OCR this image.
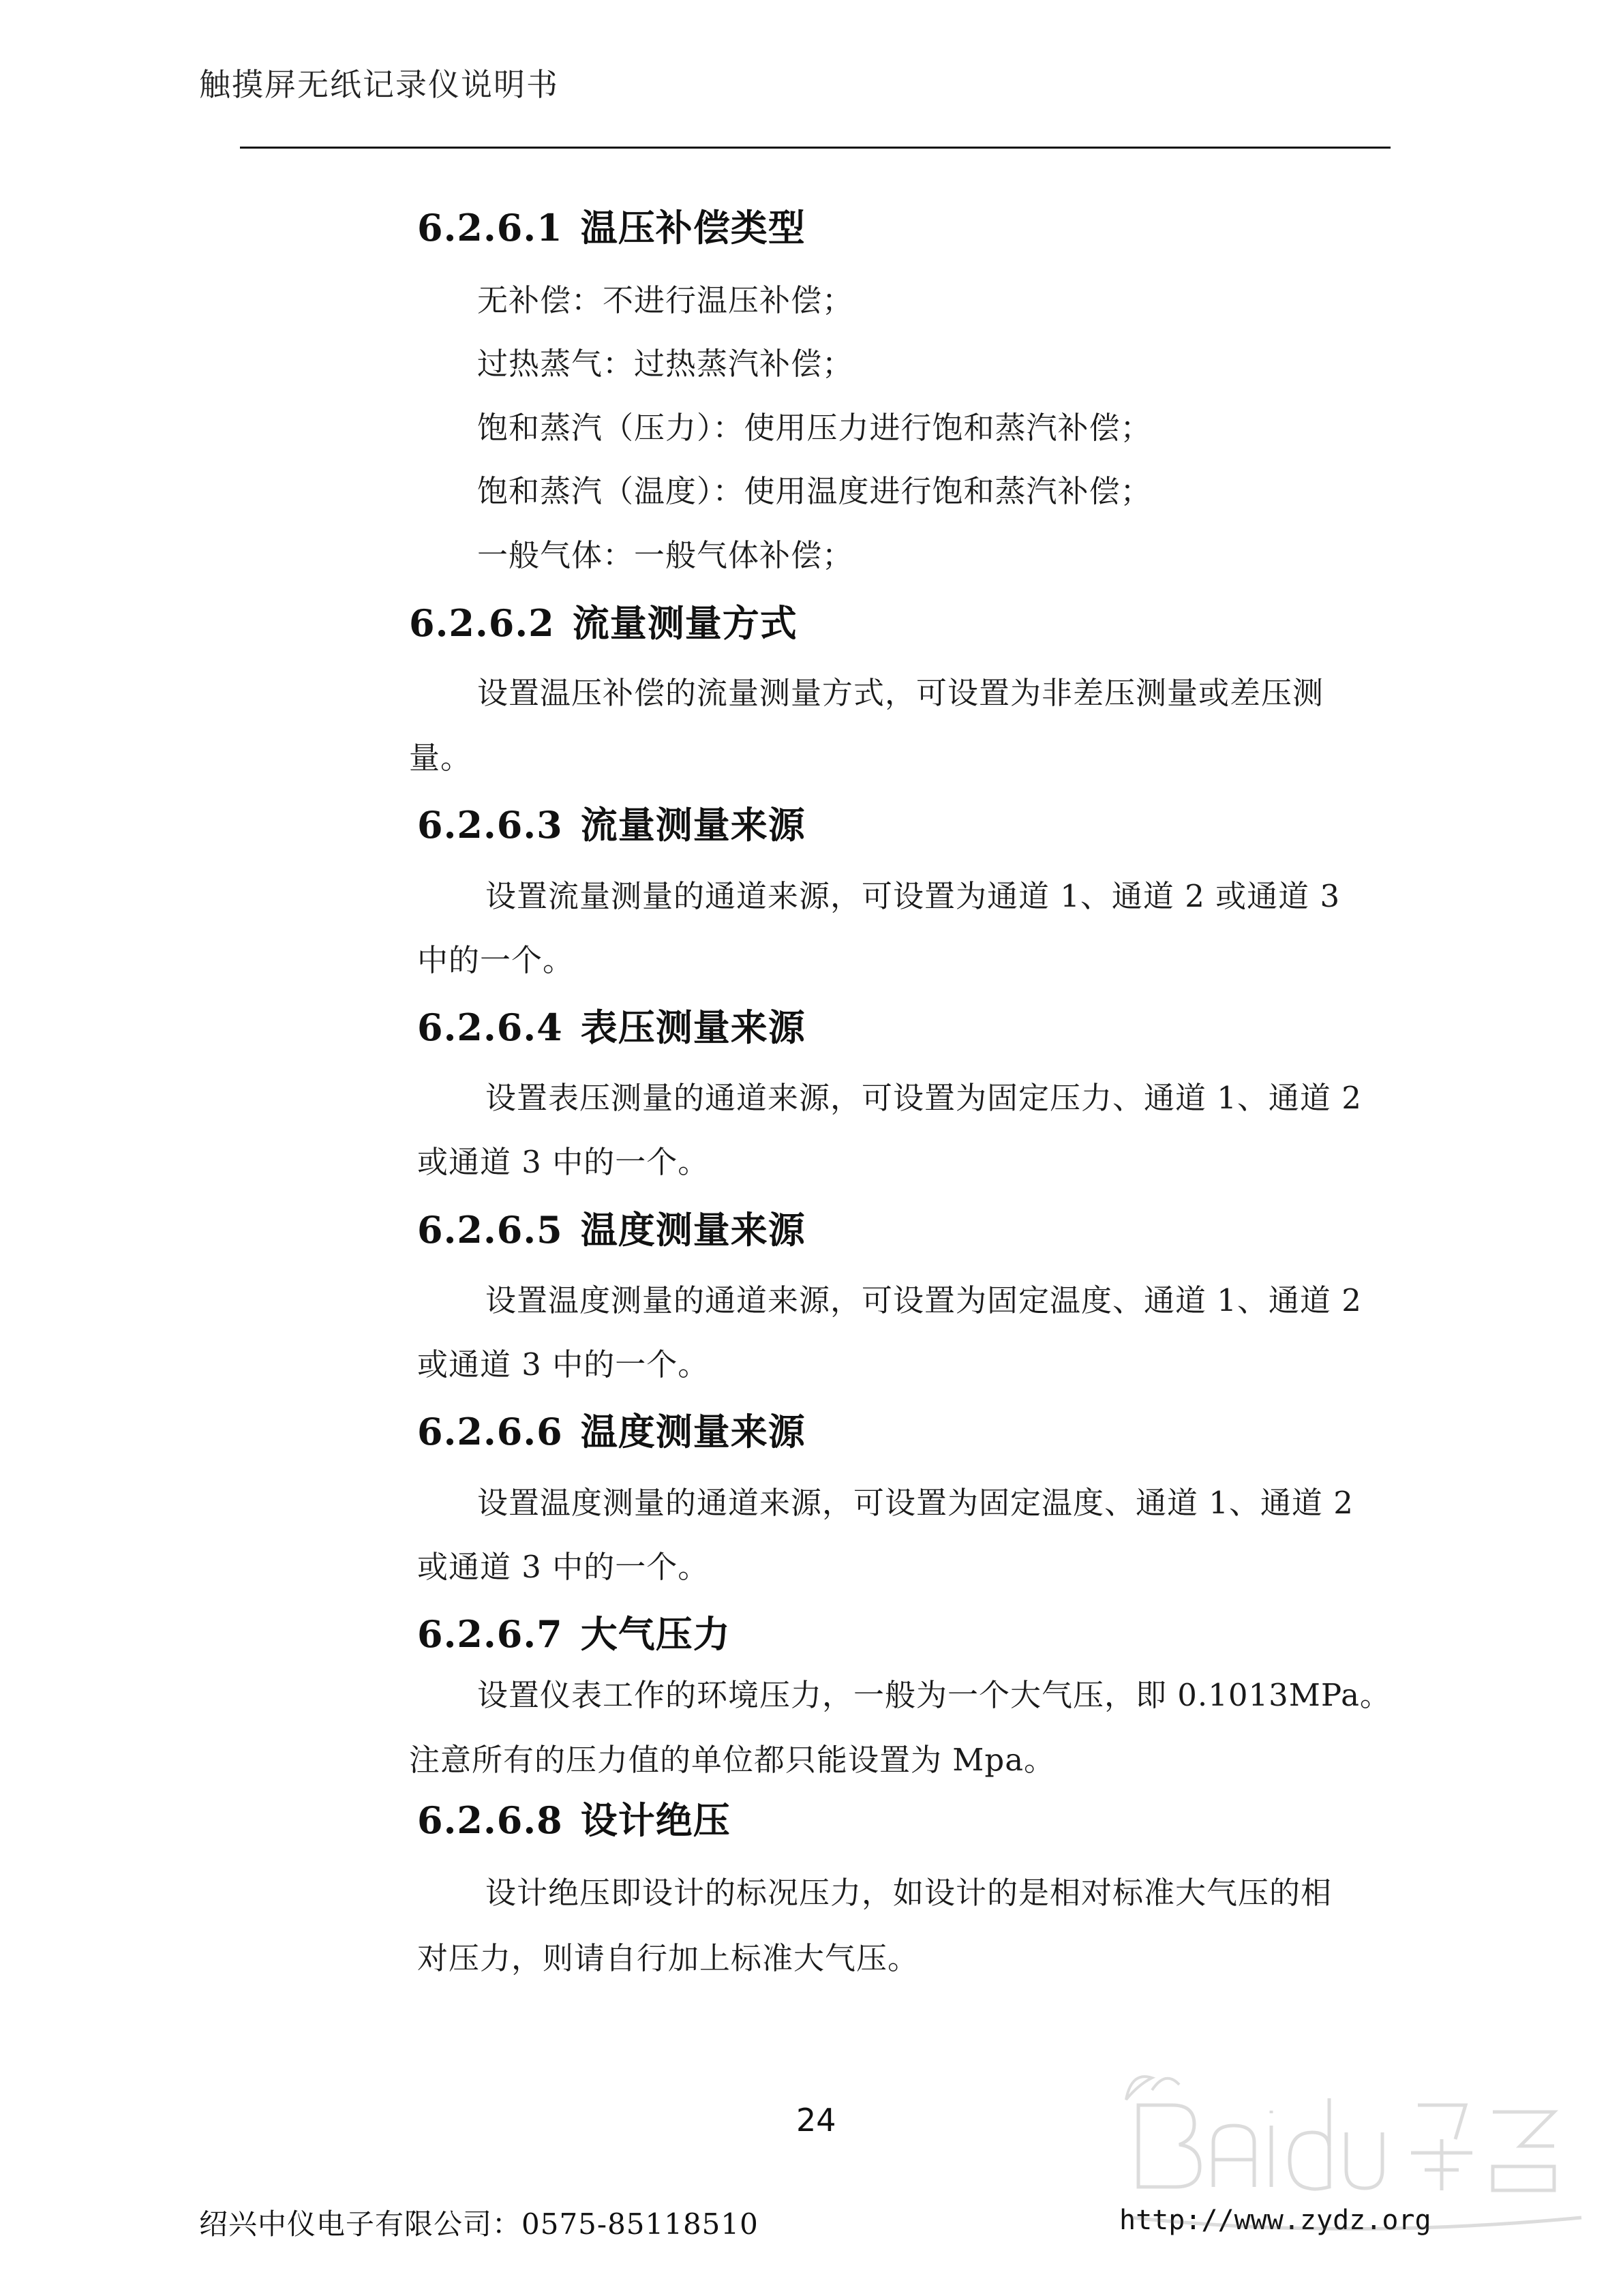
触摸屏无纸记录仪说明书
6.2.6.1 温压补偿类型
无补偿：不进行温压补偿；
过热蒸气：过热蒸汽补偿；
饱和蒸汽（压力）：使用压力进行饱和蒸汽补偿；
饱和蒸汽（温度）：使用温度进行饱和蒸汽补偿；
一般气体：一般气体补偿；
6.2.6.2 流量测量方式
设置温压补偿的流量测量方式，可设置为非差压测量或差压测
量。
6.2.6.3 流量测量来源
设置流量测量的通道来源，可设置为通道 1、通道 2 或通道 3
中的一个。
6.2.6.4 表压测量来源
设置表压测量的通道来源，可设置为固定压力、通道 1、通道 2
或通道 3 中的一个。
6.2.6.5 温度测量来源
设置温度测量的通道来源，可设置为固定温度、通道 1、通道 2
或通道 3 中的一个。
6.2.6.6 温度测量来源
设置温度测量的通道来源，可设置为固定温度、通道 1、通道 2
或通道 3 中的一个。
6.2.6.7 大气压力
设置仪表工作的环境压力，一般为一个大气压，即 0.1013MPa。
注意所有的压力值的单位都只能设置为 Mpa。
6.2.6.8 设计绝压
设计绝压即设计的标况压力，如设计的是相对标准大气压的相
对压力，则请自行加上标准大气压。
24
绍兴中仪电子有限公司：0575-85118510	http://www.zydz.org
